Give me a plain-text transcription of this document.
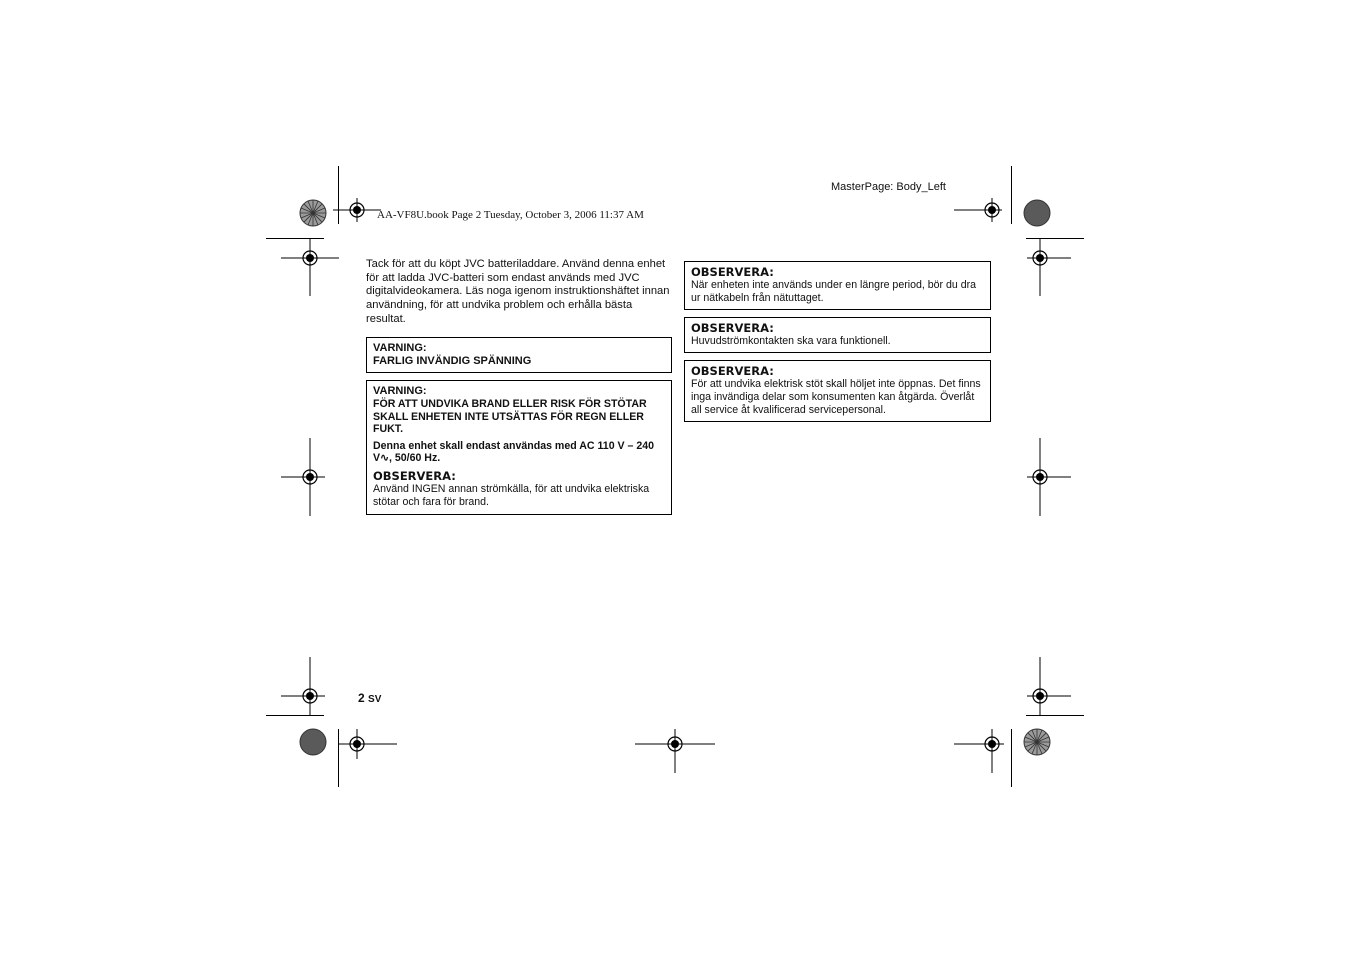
MasterPage: Body_Left
AA-VF8U.book Page 2 Tuesday, October 3, 2006 11:37 AM

Tack för att du köpt JVC batteriladdare. Använd denna enhet för att ladda JVC-batteri som endast används med JVC digitalvideokamera. Läs noga igenom instruktionshäftet innan användning, för att undvika problem och erhålla bästa resultat.

VARNING:
FARLIG INVÄNDIG SPÄNNING
VARNING:
FÖR ATT UNDVIKA BRAND ELLER RISK FÖR STÖTAR SKALL ENHETEN INTE UTSÄTTAS FÖR REGN ELLER FUKT.
Denna enhet skall endast användas med AC 110 V – 240 V∿, 50/60 Hz.
OBSERVERA:
Använd INGEN annan strömkälla, för att undvika elektriska stötar och fara för brand.
OBSERVERA:
När enheten inte används under en längre period, bör du dra ur nätkabeln från nätuttaget.
OBSERVERA:
Huvudströmkontakten ska vara funktionell.
OBSERVERA:
För att undvika elektrisk stöt skall höljet inte öppnas. Det finns inga invändiga delar som konsumenten kan åtgärda. Överlåt all service åt kvalificerad servicepersonal.
2 SV
